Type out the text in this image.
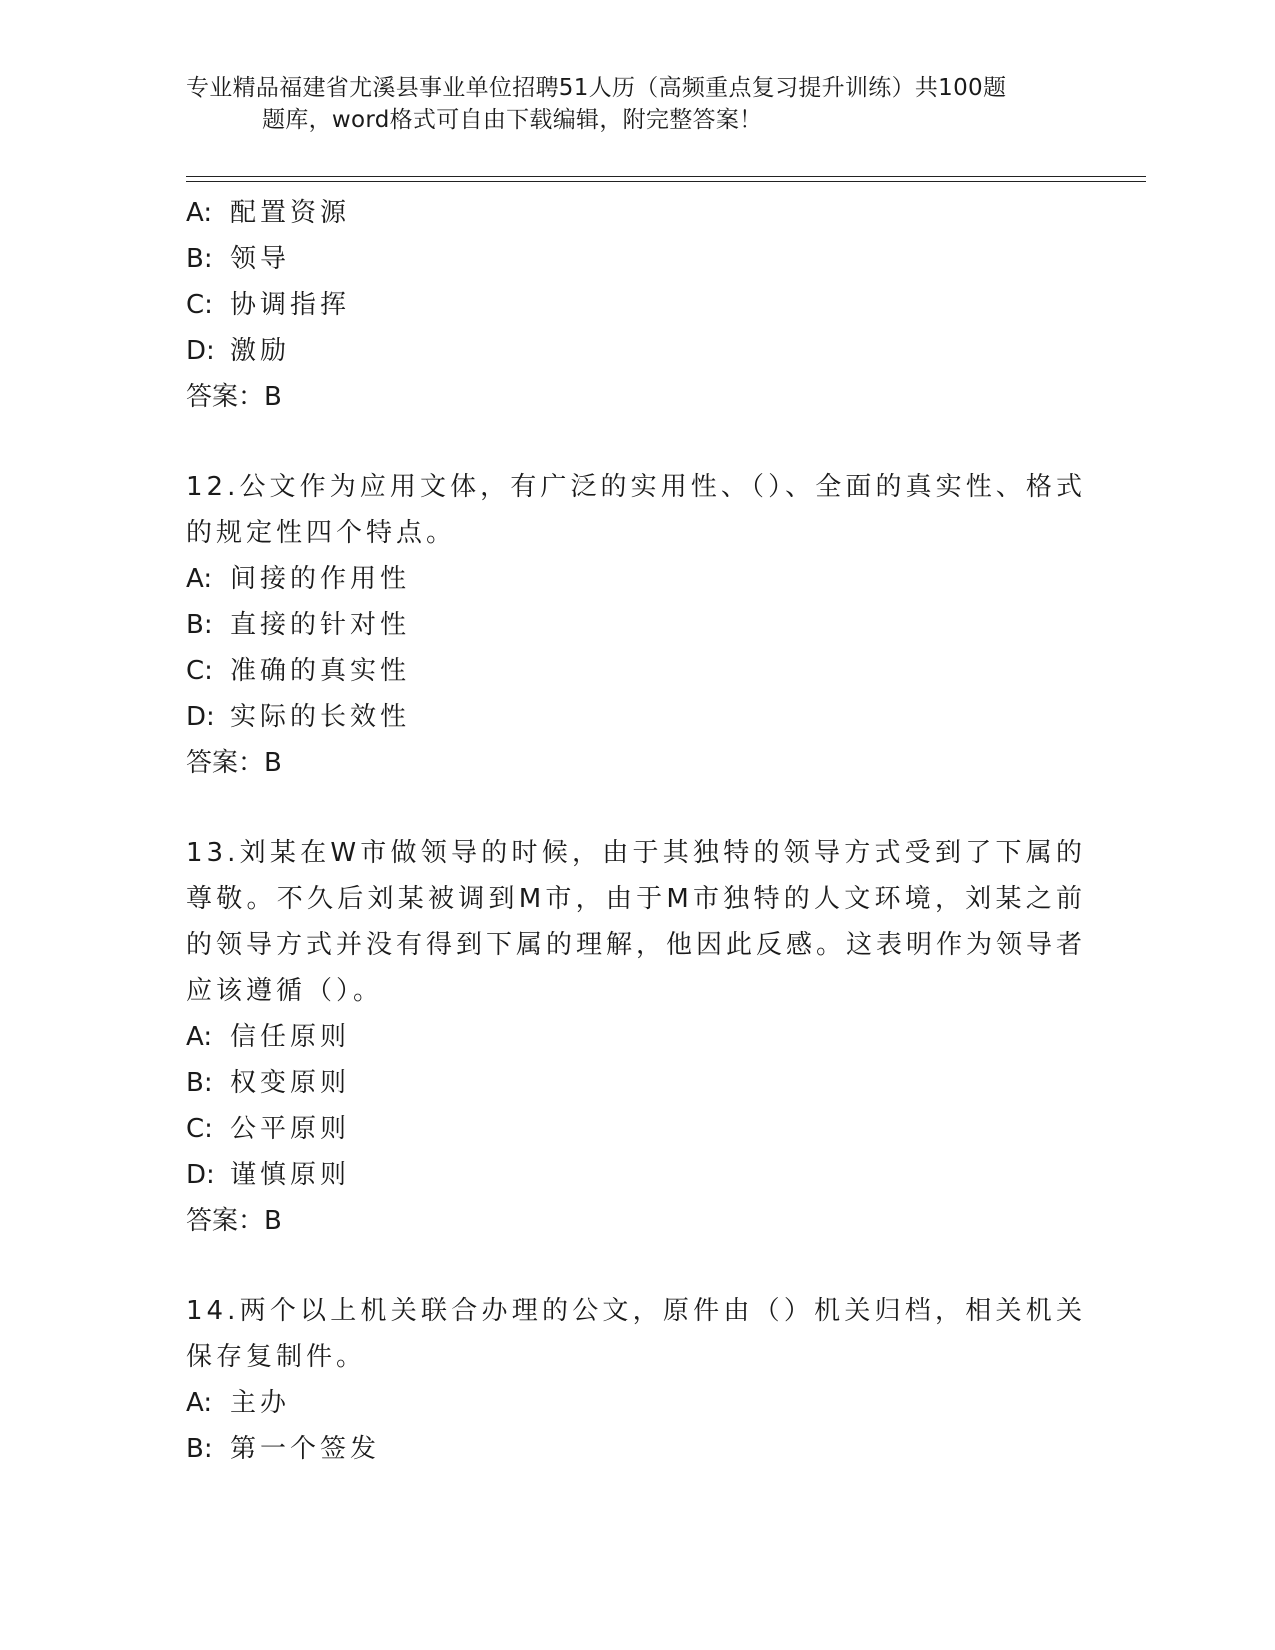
专业精品福建省尤溪县事业单位招聘51人历（高频重点复习提升训练）共100题
题库，word格式可自由下载编辑，附完整答案！
A: 配置资源
B: 领导
C: 协调指挥
D: 激励
答案：B
12.公文作为应用文体，有广泛的实用性、（）、全面的真实性、格式的规定性四个特点。
A: 间接的作用性
B: 直接的针对性
C: 准确的真实性
D: 实际的长效性
答案：B
13.刘某在W市做领导的时候，由于其独特的领导方式受到了下属的尊敬。不久后刘某被调到M市，由于M市独特的人文环境，刘某之前的领导方式并没有得到下属的理解，他因此反感。这表明作为领导者应该遵循（）。
A: 信任原则
B: 权变原则
C: 公平原则
D: 谨慎原则
答案：B
14.两个以上机关联合办理的公文，原件由（）机关归档，相关机关保存复制件。
A: 主办
B: 第一个签发
